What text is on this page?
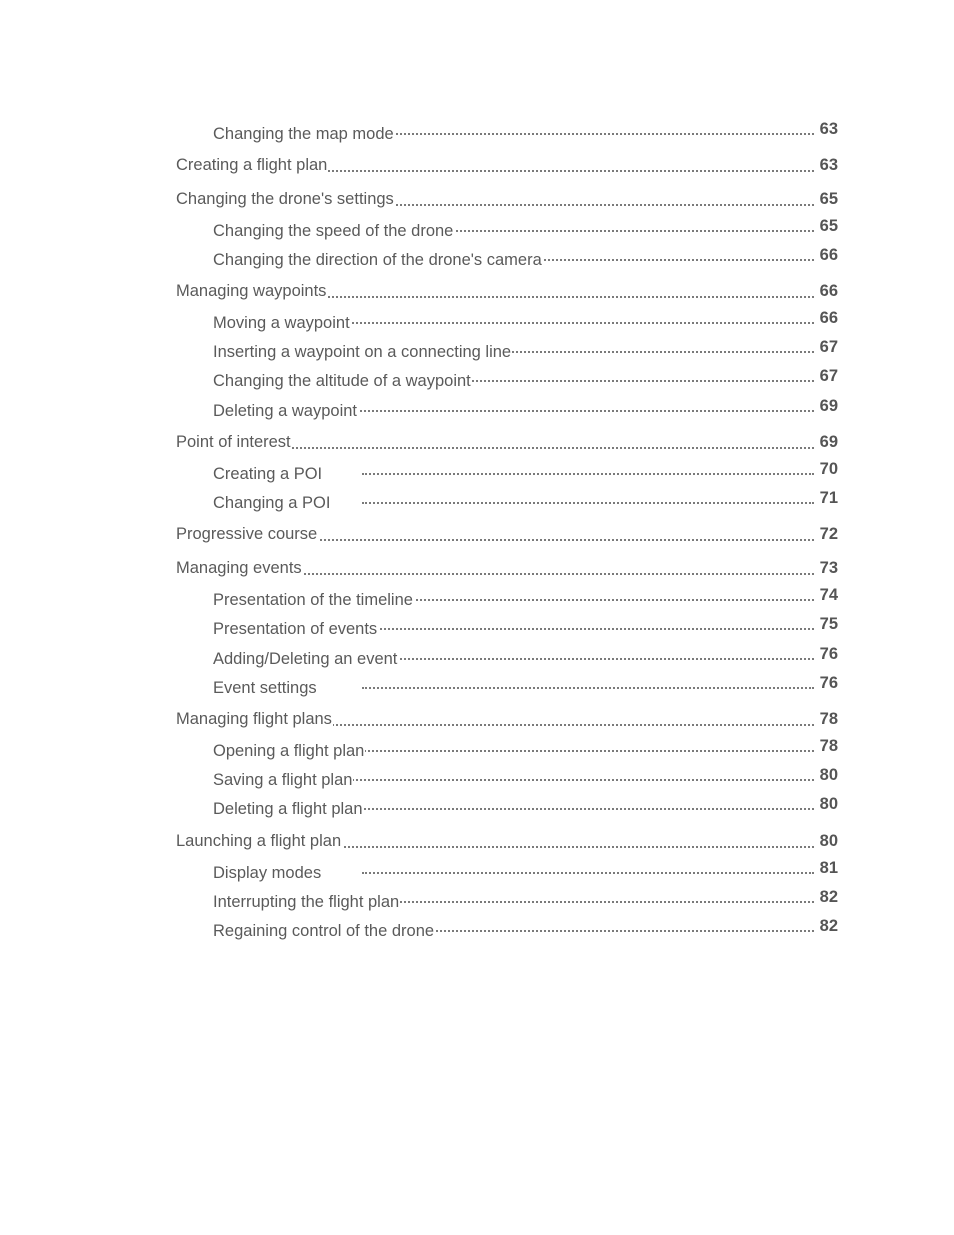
Changing the map mode	63
Creating a flight plan	63
Changing the drone's settings	65
Changing the speed of the drone	65
Changing the direction of the drone's camera	66
Managing waypoints	66
Moving a waypoint	66
Inserting a waypoint on a connecting line	67
Changing the altitude of a waypoint	67
Deleting a waypoint	69
Point of interest	69
Creating a POI	70
Changing a POI	71
Progressive course	72
Managing events	73
Presentation of the timeline	74
Presentation of events	75
Adding/Deleting an event	76
Event settings	76
Managing flight plans	78
Opening a flight plan	78
Saving a flight plan	80
Deleting a flight plan	80
Launching a flight plan	80
Display modes	81
Interrupting the flight plan	82
Regaining control of the drone	82
